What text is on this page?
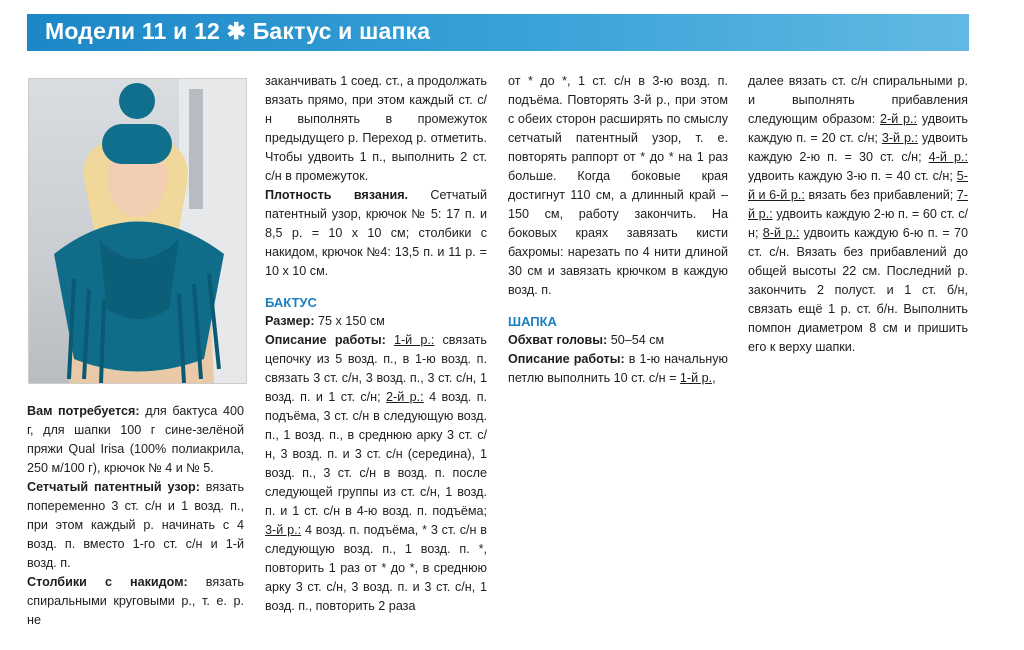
Модели 11 и 12 ✱ Бактус и шапка

Вам потребуется: для бактуса 400 г, для шапки 100 г сине-зелёной пряжи Qual Irisa (100% полиакрила, 250 м/100 г), крючок № 4 и № 5.

Сетчатый патентный узор: вязать попеременно 3 ст. с/н и 1 возд. п., при этом каждый р. начинать с 4 возд. п. вместо 1-го ст. с/н и 1-й возд. п.

Столбики с накидом: вязать спиральными круговыми р., т. е. р. не

заканчивать 1 соед. ст., а продолжать вязать прямо, при этом каждый ст. с/н выполнять в промежуток предыдущего р. Переход р. отметить. Чтобы удвоить 1 п., выполнить 2 ст. с/н в промежуток.

Плотность вязания. Сетчатый патентный узор, крючок № 5: 17 п. и 8,5 р. = 10 х 10 см; столбики с накидом, крючок №4: 13,5 п. и 11 р. = 10 х 10 см.

БАКТУС

Размер: 75 х 150 см

Описание работы: 1-й р.: связать цепочку из 5 возд. п., в 1-ю возд. п. связать 3 ст. с/н, 3 возд. п., 3 ст. с/н, 1 возд. п. и 1 ст. с/н; 2-й р.: 4 возд. п. подъёма, 3 ст. с/н в следующую возд. п., 1 возд. п., в среднюю арку 3 ст. с/н, 3 возд. п. и 3 ст. с/н (середина), 1 возд. п., 3 ст. с/н в возд. п. после следующей группы из ст. с/н, 1 возд. п. и 1 ст. с/н в 4-ю возд. п. подъёма; 3-й р.: 4 возд. п. подъёма, * 3 ст. с/н в следующую возд. п., 1 возд. п. *, повторить 1 раз от * до *, в среднюю арку 3 ст. с/н, 3 возд. п. и 3 ст. с/н, 1 возд. п., повторить 2 раза

от * до *, 1 ст. с/н в 3-ю возд. п. подъёма. Повторять 3-й р., при этом с обеих сторон расширять по смыслу сетчатый патентный узор, т. е. повторять раппорт от * до * на 1 раз больше. Когда боковые края достигнут 110 см, а длинный край – 150 см, работу закончить. На боковых краях завязать кисти бахромы: нарезать по 4 нити длиной 30 см и завязать крючком в каждую возд. п.

ШАПКА

Обхват головы: 50–54 см

Описание работы: в 1-ю начальную петлю выполнить 10 ст. с/н = 1-й р.,

далее вязать ст. с/н спиральными р. и выполнять прибавления следующим образом: 2-й р.: удвоить каждую п. = 20 ст. с/н; 3-й р.: удвоить каждую 2-ю п. = 30 ст. с/н; 4-й р.: удвоить каждую 3-ю п. = 40 ст. с/н; 5-й и 6-й р.: вязать без прибавлений; 7-й р.: удвоить каждую 2-ю п. = 60 ст. с/н; 8-й р.: удвоить каждую 6-ю п. = 70 ст. с/н. Вязать без прибавлений до общей высоты 22 см. Последний р. закончить 2 полуст. и 1 ст. б/н, связать ещё 1 р. ст. б/н. Выполнить помпон диаметром 8 см и пришить его к верху шапки.
